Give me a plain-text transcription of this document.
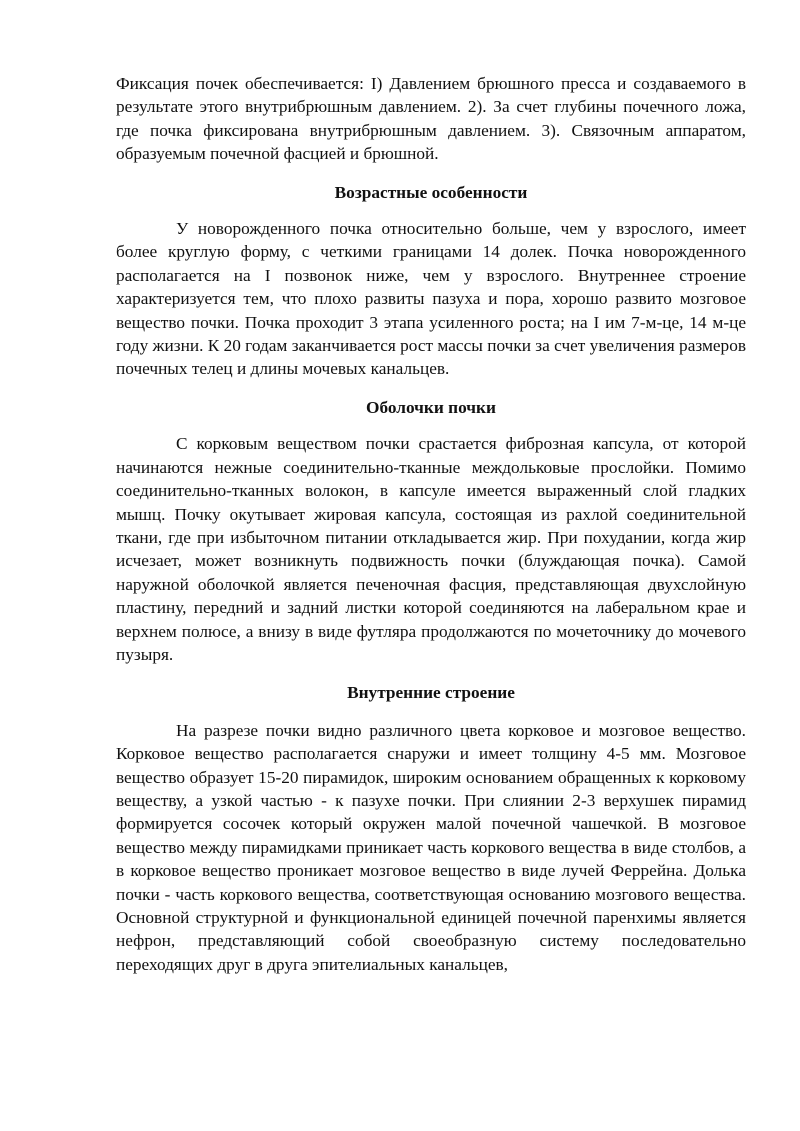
Фиксация почек обеспечивается: I) Давлением брюшного пресса и создаваемого в результате этого внутрибрюшным давлением. 2). За счет глубины почечного ложа, где почка фиксирована внутрибрюшным давлением. 3). Связочным аппаратом, образуемым почечной фасцией и брюшной.

Возрастные особенности

У новорожденного почка относительно больше, чем у взрослого, имеет более круглую форму, с четкими границами 14 долек. Почка новорожденного располагается на I позвонок ниже, чем у взрослого. Внутреннее строение характеризуется тем, что плохо развиты пазуха и пора, хорошо развито мозговое вещество почки. Почка проходит 3 этапа усиленного роста; на I им 7-м-це, 14 м-це году жизни. К 20 годам заканчивается рост массы почки за счет увеличения размеров почечных телец и длины мочевых канальцев.

Оболочки почки

С корковым веществом почки срастается фиброзная капсула, от которой начинаются нежные соединительно-тканные междольковые прослойки. Помимо соединительно-тканных волокон, в капсуле имеется выраженный слой гладких мышц. Почку окутывает жировая капсула, состоящая из рахлой соединительной ткани, где при избыточном питании откладывается жир. При похудании, когда жир исчезает, может возникнуть подвижность почки (блуждающая почка). Самой наружной оболочкой является печеночная фасция, представляющая двухслойную пластину, передний и задний листки которой соединяются на лаберальном крае и верхнем полюсе, а внизу в виде футляра продолжаются по мочеточнику до мочевого пузыря.

Внутренние строение

На разрезе почки видно различного цвета корковое и мозговое вещество. Корковое вещество располагается снаружи и имеет толщину 4-5 мм. Мозговое вещество образует 15-20 пирамидок, широким основанием обращенных к корковому веществу, а узкой частью - к пазухе почки. При слиянии 2-3 верхушек пирамид формируется сосочек который окружен малой почечной чашечкой. В мозговое вещество между пирамидками приникает часть коркового вещества в виде столбов, а в корковое вещество проникает мозговое вещество в виде лучей Феррейна. Долька почки - часть коркового вещества, соответствующая основанию мозгового вещества. Основной структурной и функциональной единицей почечной паренхимы является нефрон, представляющий собой своеобразную систему последовательно переходящих друг в друга эпителиальных канальцев,
